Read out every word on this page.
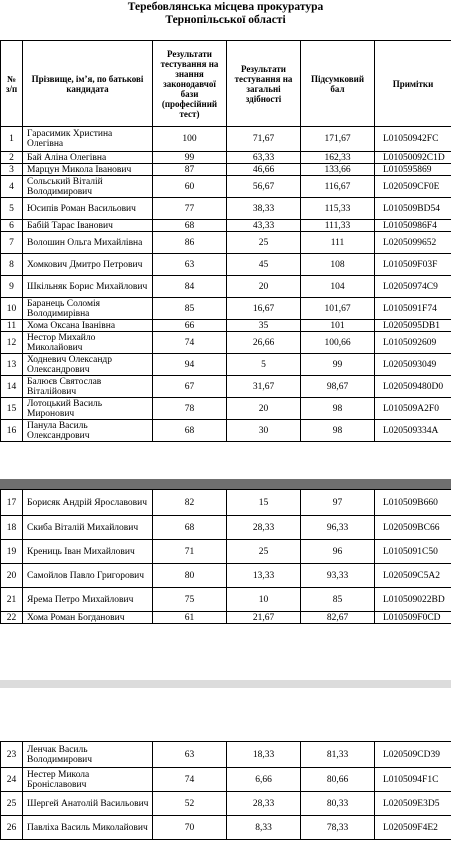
Теребовлянська місцева прокуратура
Тернопільської області
№ з/п	Прізвище, ім’я, по батькові кандидата	Результати тестування на знання законодавчої бази (професійний тест)	Результати тестування на загальні здібності	Підсумковий бал	Примітки
1	Гарасимик Христина Олегівна	100	71,67	171,67	L01050942FC
2	Бай Аліна Олегівна	99	63,33	162,33	L01050092C1D
3	Марцун Микола Іванович	87	46,66	133,66	L010595869
4	Сольський Віталій Володимирович	60	56,67	116,67	L020509CF0E
5	Юсипів Роман Васильович	77	38,33	115,33	L010509BD54
6	Бабій Тарас Іванович	68	43,33	111,33	L01050986F4
7	Волошин Ольга Михайлівна	86	25	111	L0205099652
8	Хомкович Дмитро Петрович	63	45	108	L010509F03F
9	Шкільняк Борис Михайлович	84	20	104	L02050974C9
10	Баранець Соломія Володимирівна	85	16,67	101,67	L0105091F74
11	Хома Оксана Іванівна	66	35	101	L0205095DB1
12	Нестор Михайло Миколайович	74	26,66	100,66	L0105092609
13	Ходневич Олександр Олександрович	94	5	99	L0205093049
14	Балюєв Святослав Віталійович	67	31,67	98,67	L020509480D0
15	Лотоцький Василь Миронович	78	20	98	L010509A2F0
16	Панула Василь Олександрович	68	30	98	L020509334A
17	Борисяк Андрій Ярославович	82	15	97	L010509B660
18	Скиба Віталій Михайлович	68	28,33	96,33	L020509BC66
19	Крениць Іван Михайлович	71	25	96	L0105091C50
20	Самойлов Павло Григорович	80	13,33	93,33	L020509C5A2
21	Ярема Петро Михайлович	75	10	85	L010509022BD
22	Хома Роман Богданович	61	21,67	82,67	L010509F0CD
23	Ленчак Василь Володимирович	63	18,33	81,33	L020509CD39
24	Нестер Микола Броніславович	74	6,66	80,66	L0105094F1C
25	Шергей Анатолій Васильович	52	28,33	80,33	L020509E3D5
26	Павліха Василь Миколайович	70	8,33	78,33	L020509F4E2
